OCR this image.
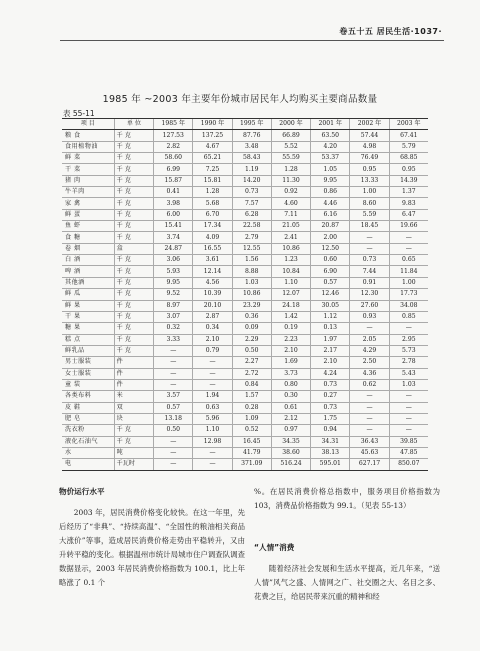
卷五十五 居民生活·1037·
1985 年 ~2003 年主要年份城市居民年人均购买主要商品数量
表 55-11
项 目	单 位	1985 年	1990 年	1995 年	2000 年	2001 年	2002 年	2003 年
粮 食	千 克	127.53	137.25	87.76	66.89	63.50	57.44	67.41
食用植物油	千 克	2.82	4.67	3.48	5.52	4.20	4.98	5.79
鲜 菜	千 克	58.60	65.21	58.43	55.59	53.37	76.49	68.85
干 菜	千 克	6.99	7.25	1.19	1.28	1.05	0.95	0.95
猪 肉	千 克	15.87	15.81	14.20	11.30	9.95	13.33	14.39
牛羊肉	千 克	0.41	1.28	0.73	0.92	0.86	1.00	1.37
家 禽	千 克	3.98	5.68	7.57	4.60	4.46	8.60	9.83
鲜 蛋	千 克	6.00	6.70	6.28	7.11	6.16	5.59	6.47
鱼 虾	千 克	15.41	17.34	22.58	21.05	20.87	18.45	19.66
食 糖	千 克	3.74	4.09	2.79	2.41	2.00	—	—
卷 烟	盒	24.87	16.55	12.55	10.86	12.50	—	—
白 酒	千 克	3.06	3.61	1.56	1.23	0.60	0.73	0.65
啤 酒	千 克	5.93	12.14	8.88	10.84	6.90	7.44	11.84
其他酒	千 克	9.95	4.56	1.03	1.10	0.57	0.91	1.00
鲜 瓜	千 克	9.52	10.39	10.86	12.07	12.46	12.30	17.73
鲜 果	千 克	8.97	20.10	23.29	24.18	30.05	27.60	34.08
干 果	千 克	3.07	2.87	0.36	1.42	1.12	0.93	0.85
糖 果	千 克	0.32	0.34	0.09	0.19	0.13	—	—
糕 点	千 克	3.33	2.10	2.29	2.23	1.97	2.05	2.95
鲜乳品	千 克	—	0.79	0.50	2.10	2.17	4.29	5.73
男士服装	件	—	—	2.27	1.69	2.10	2.50	2.78
女士服装	件	—	—	2.72	3.73	4.24	4.36	5.43
童 装	件	—	—	0.84	0.80	0.73	0.62	1.03
各类布料	米	3.57	1.94	1.57	0.30	0.27	—	—
皮 鞋	双	0.57	0.63	0.28	0.61	0.73	—	—
肥 皂	块	13.18	5.96	1.09	2.12	1.75	—	—
洗衣粉	千 克	0.50	1.10	0.52	0.97	0.94	—	—
液化石油气	千 克	—	12.98	16.45	34.35	34.31	36.43	39.85
水	吨	—	—	41.79	38.60	38.13	45.63	47.85
电	千瓦时	—	—	371.09	516.24	595.01	627.17	850.07
物价运行水平

2003 年，居民消费价格变化较快。在这一年里，先后经历了“非典”、“持续高温”、“全国性的粮油相关商品大涨价”等事，造成居民消费价格走势由平稳转升，又由升转平稳的变化。根据温州市统计局城市住户调查队调查数据显示，2003 年居民消费价格指数为 100.1，比上年略涨了 0.1 个

%。在居民消费价格总指数中，服务项目价格指数为 103，消费品价格指数为 99.1。（见表 55-13）

“人情”消费

随着经济社会发展和生活水平提高，近几年来，“送人情”风气之盛、人情网之广、社交圈之大、名目之多、花费之巨，给居民带来沉重的精神和经
